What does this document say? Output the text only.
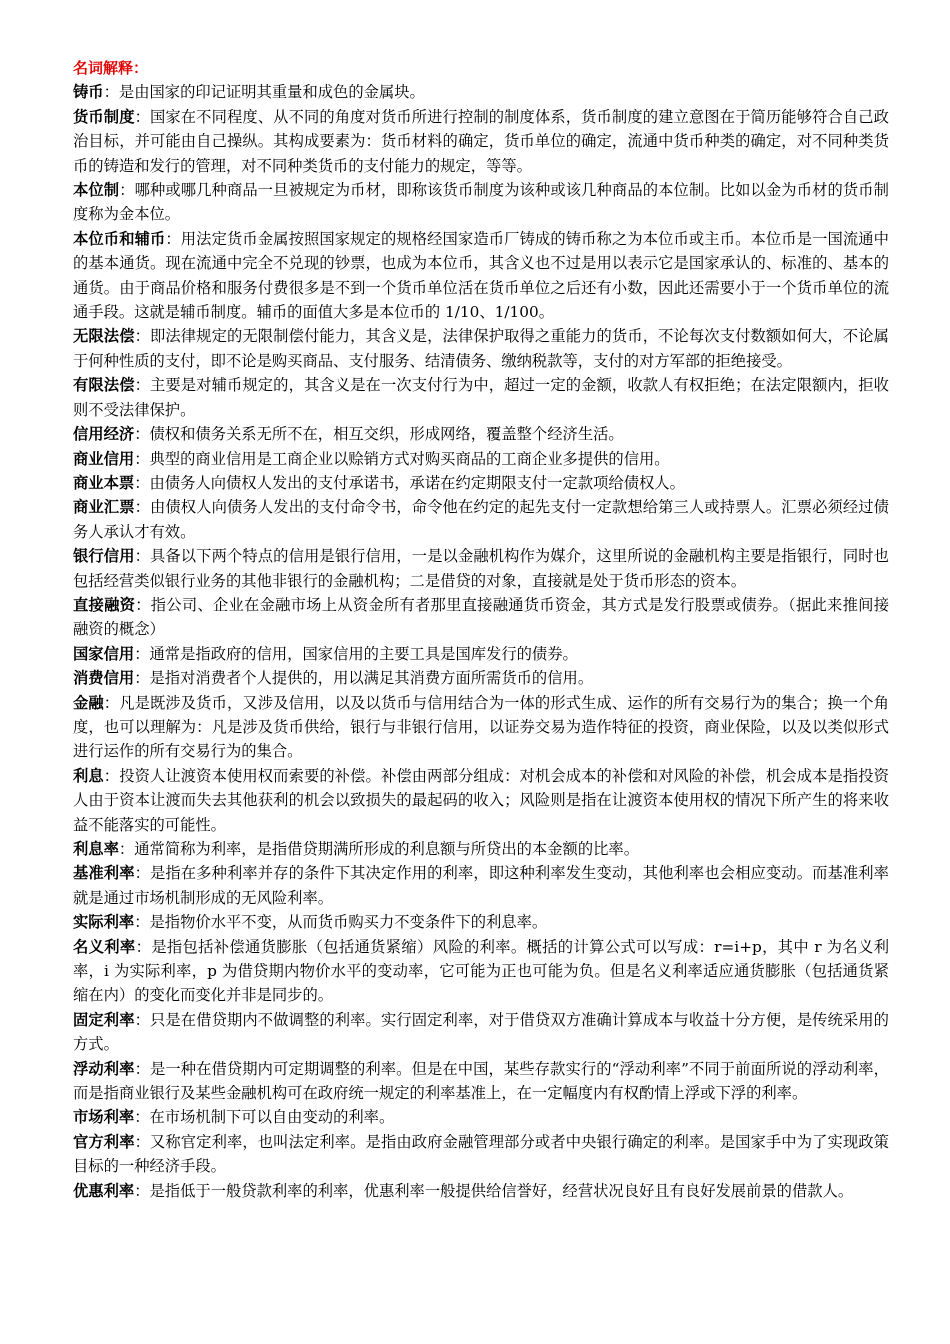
名词解释：

铸币：是由国家的印记证明其重量和成色的金属块。

货币制度：国家在不同程度、从不同的角度对货币所进行控制的制度体系，货币制度的建立意图在于简历能够符合自己政治目标，并可能由自己操纵。其构成要素为：货币材料的确定，货币单位的确定，流通中货币种类的确定，对不同种类货币的铸造和发行的管理，对不同种类货币的支付能力的规定，等等。

本位制：哪种或哪几种商品一旦被规定为币材，即称该货币制度为该种或该几种商品的本位制。比如以金为币材的货币制度称为金本位。

本位币和辅币：用法定货币金属按照国家规定的规格经国家造币厂铸成的铸币称之为本位币或主币。本位币是一国流通中的基本通货。现在流通中完全不兑现的钞票，也成为本位币，其含义也不过是用以表示它是国家承认的、标准的、基本的通货。由于商品价格和服务付费很多是不到一个货币单位活在货币单位之后还有小数，因此还需要小于一个货币单位的流通手段。这就是辅币制度。辅币的面值大多是本位币的 1/10、1/100。

无限法偿：即法律规定的无限制偿付能力，其含义是，法律保护取得之重能力的货币，不论每次支付数额如何大，不论属于何种性质的支付，即不论是购买商品、支付服务、结清债务、缴纳税款等，支付的对方军部的拒绝接受。

有限法偿：主要是对辅币规定的，其含义是在一次支付行为中，超过一定的金额，收款人有权拒绝；在法定限额内，拒收则不受法律保护。

信用经济：债权和债务关系无所不在，相互交织，形成网络，覆盖整个经济生活。

商业信用：典型的商业信用是工商企业以赊销方式对购买商品的工商企业多提供的信用。

商业本票：由债务人向债权人发出的支付承诺书，承诺在约定期限支付一定款项给债权人。

商业汇票：由债权人向债务人发出的支付命令书，命令他在约定的起先支付一定款想给第三人或持票人。汇票必须经过债务人承认才有效。

银行信用：具备以下两个特点的信用是银行信用，一是以金融机构作为媒介，这里所说的金融机构主要是指银行，同时也包括经营类似银行业务的其他非银行的金融机构；二是借贷的对象，直接就是处于货币形态的资本。

直接融资：指公司、企业在金融市场上从资金所有者那里直接融通货币资金，其方式是发行股票或债券。（据此来推间接融资的概念）

国家信用：通常是指政府的信用，国家信用的主要工具是国库发行的债券。

消费信用：是指对消费者个人提供的，用以满足其消费方面所需货币的信用。

金融：凡是既涉及货币，又涉及信用，以及以货币与信用结合为一体的形式生成、运作的所有交易行为的集合；换一个角度，也可以理解为：凡是涉及货币供给，银行与非银行信用，以证券交易为造作特征的投资，商业保险，以及以类似形式进行运作的所有交易行为的集合。

利息：投资人让渡资本使用权而索要的补偿。补偿由两部分组成：对机会成本的补偿和对风险的补偿，机会成本是指投资人由于资本让渡而失去其他获利的机会以致损失的最起码的收入；风险则是指在让渡资本使用权的情况下所产生的将来收益不能落实的可能性。

利息率：通常简称为利率，是指借贷期满所形成的利息额与所贷出的本金额的比率。

基准利率：是指在多种利率并存的条件下其决定作用的利率，即这种利率发生变动，其他利率也会相应变动。而基准利率就是通过市场机制形成的无风险利率。

实际利率：是指物价水平不变，从而货币购买力不变条件下的利息率。

名义利率：是指包括补偿通货膨胀（包括通货紧缩）风险的利率。概括的计算公式可以写成：r=i+p，其中 r 为名义利率，i 为实际利率，p 为借贷期内物价水平的变动率，它可能为正也可能为负。但是名义利率适应通货膨胀（包括通货紧缩在内）的变化而变化并非是同步的。

固定利率：只是在借贷期内不做调整的利率。实行固定利率，对于借贷双方准确计算成本与收益十分方便，是传统采用的方式。

浮动利率：是一种在借贷期内可定期调整的利率。但是在中国，某些存款实行的“浮动利率”不同于前面所说的浮动利率，而是指商业银行及某些金融机构可在政府统一规定的利率基准上，在一定幅度内有权酌情上浮或下浮的利率。

市场利率：在市场机制下可以自由变动的利率。

官方利率：又称官定利率，也叫法定利率。是指由政府金融管理部分或者中央银行确定的利率。是国家手中为了实现政策目标的一种经济手段。

优惠利率：是指低于一般贷款利率的利率，优惠利率一般提供给信誉好，经营状况良好且有良好发展前景的借款人。
